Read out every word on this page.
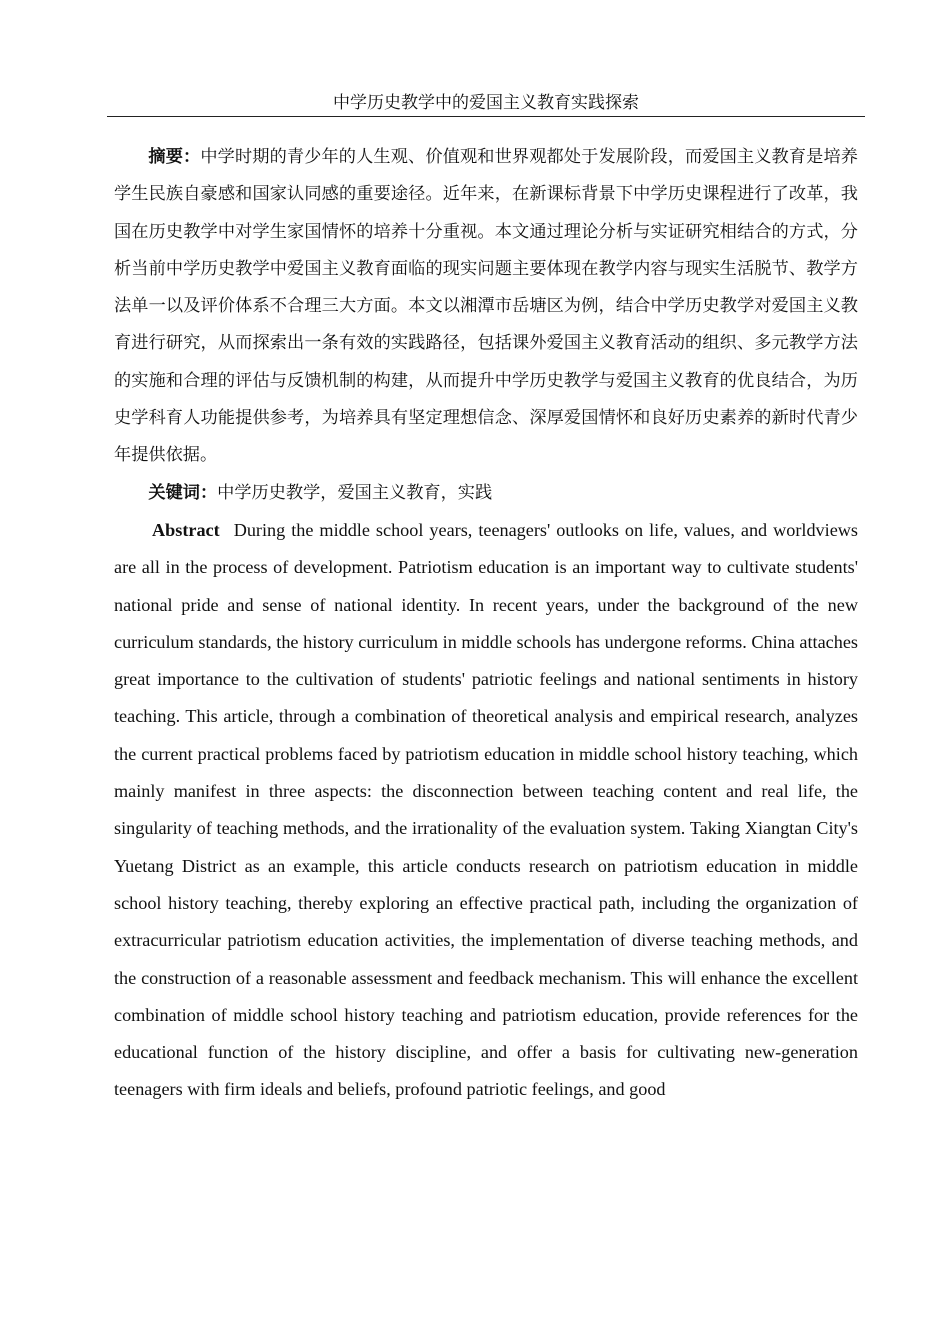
中学历史教学中的爱国主义教育实践探索

摘要：中学时期的青少年的人生观、价值观和世界观都处于发展阶段，而爱国主义教育是培养学生民族自豪感和国家认同感的重要途径。近年来，在新课标背景下中学历史课程进行了改革，我国在历史教学中对学生家国情怀的培养十分重视。本文通过理论分析与实证研究相结合的方式，分析当前中学历史教学中爱国主义教育面临的现实问题主要体现在教学内容与现实生活脱节、教学方法单一以及评价体系不合理三大方面。本文以湘潭市岳塘区为例，结合中学历史教学对爱国主义教育进行研究，从而探索出一条有效的实践路径，包括课外爱国主义教育活动的组织、多元教学方法的实施和合理的评估与反馈机制的构建，从而提升中学历史教学与爱国主义教育的优良结合，为历史学科育人功能提供参考，为培养具有坚定理想信念、深厚爱国情怀和良好历史素养的新时代青少年提供依据。

关键词：中学历史教学，爱国主义教育，实践

Abstract During the middle school years, teenagers' outlooks on life, values, and worldviews are all in the process of development. Patriotism education is an important way to cultivate students' national pride and sense of national identity. In recent years, under the background of the new curriculum standards, the history curriculum in middle schools has undergone reforms. China attaches great importance to the cultivation of students' patriotic feelings and national sentiments in history teaching. This article, through a combination of theoretical analysis and empirical research, analyzes the current practical problems faced by patriotism education in middle school history teaching, which mainly manifest in three aspects: the disconnection between teaching content and real life, the singularity of teaching methods, and the irrationality of the evaluation system. Taking Xiangtan City's Yuetang District as an example, this article conducts research on patriotism education in middle school history teaching, thereby exploring an effective practical path, including the organization of extracurricular patriotism education activities, the implementation of diverse teaching methods, and the construction of a reasonable assessment and feedback mechanism. This will enhance the excellent combination of middle school history teaching and patriotism education, provide references for the educational function of the history discipline, and offer a basis for cultivating new-generation teenagers with firm ideals and beliefs, profound patriotic feelings, and good
